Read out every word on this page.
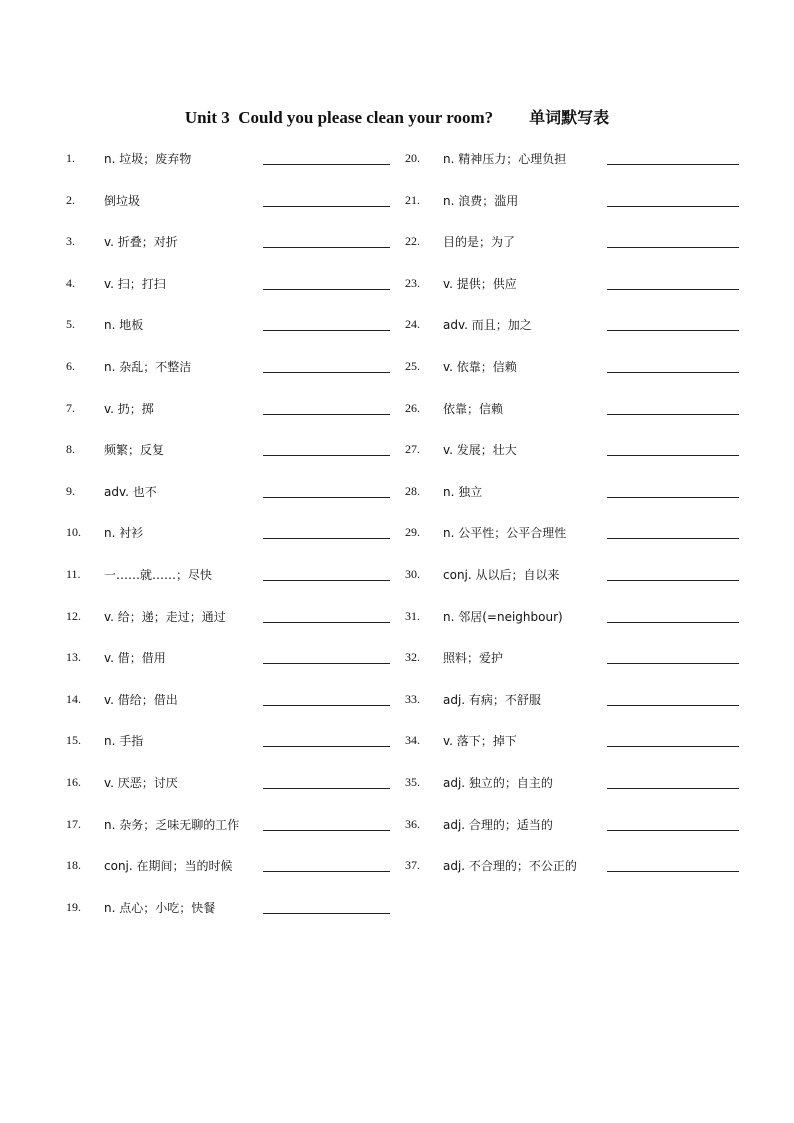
Unit 3  Could you please clean your room? 单词默写表
1. n. 垃圾；废弃物
2. 倒垃圾
3. v. 折叠；对折
4. v. 扫；打扫
5. n. 地板
6. n. 杂乱；不整洁
7. v. 扔；掷
8. 频繁；反复
9. adv. 也不
10. n. 衬衫
11. 一……就……；尽快
12. v. 给；递；走过；通过
13. v. 借；借用
14. v. 借给；借出
15. n. 手指
16. v. 厌恶；讨厌
17. n. 杂务；乏味无聊的工作
18. conj. 在期间；当的时候
19. n. 点心；小吃；快餐
20. n. 精神压力；心理负担
21. n. 浪费；滥用
22. 目的是；为了
23. v. 提供；供应
24. adv. 而且；加之
25. v. 依靠；信赖
26. 依靠；信赖
27. v. 发展；壮大
28. n. 独立
29. n. 公平性；公平合理性
30. conj. 从以后；自以来
31. n. 邻居(=neighbour)
32. 照料；爱护
33. adj. 有病；不舒服
34. v. 落下；掉下
35. adj. 独立的；自主的
36. adj. 合理的；适当的
37. adj. 不合理的；不公正的
